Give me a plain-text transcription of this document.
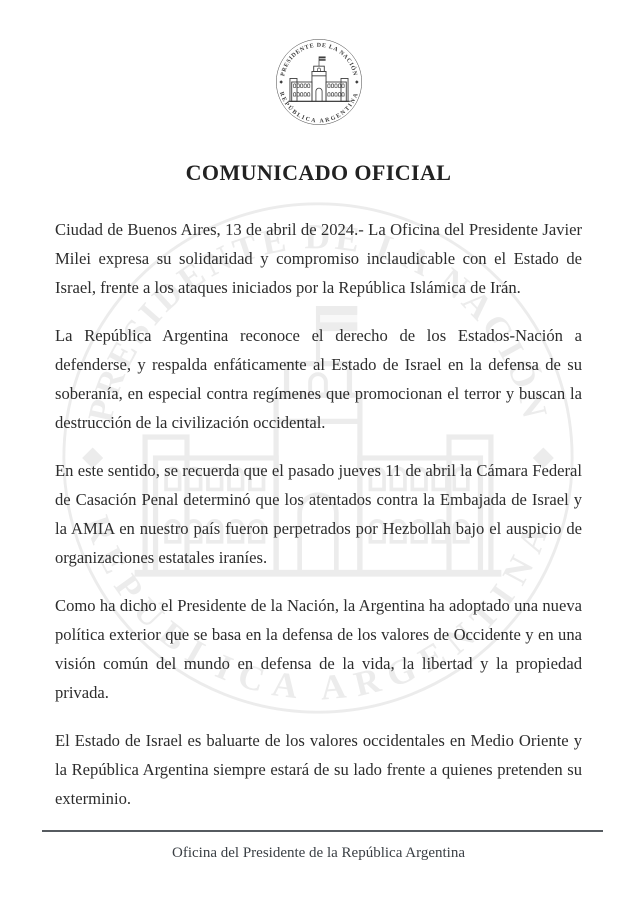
COMUNICADO OFICIAL

Ciudad de Buenos Aires, 13 de abril de 2024.- La Oficina del Presidente Javier Milei expresa su solidaridad y compromiso inclaudicable con el Estado de Israel, frente a los ataques iniciados por la República Islámica de Irán.

La República Argentina reconoce el derecho de los Estados-Nación a defenderse, y respalda enfáticamente al Estado de Israel en la defensa de su soberanía, en especial contra regímenes que promocionan el terror y buscan la destrucción de la civilización occidental.

En este sentido, se recuerda que el pasado jueves 11 de abril la Cámara Federal de Casación Penal determinó que los atentados contra la Embajada de Israel y la AMIA en nuestro país fueron perpetrados por Hezbollah bajo el auspicio de organizaciones estatales iraníes.

Como ha dicho el Presidente de la Nación, la Argentina ha adoptado una nueva política exterior que se basa en la defensa de los valores de Occidente y en una visión común del mundo en defensa de la vida, la libertad y la propiedad privada.

El Estado de Israel es baluarte de los valores occidentales en Medio Oriente y la República Argentina siempre estará de su lado frente a quienes pretenden su exterminio.

Oficina del Presidente de la República Argentina
